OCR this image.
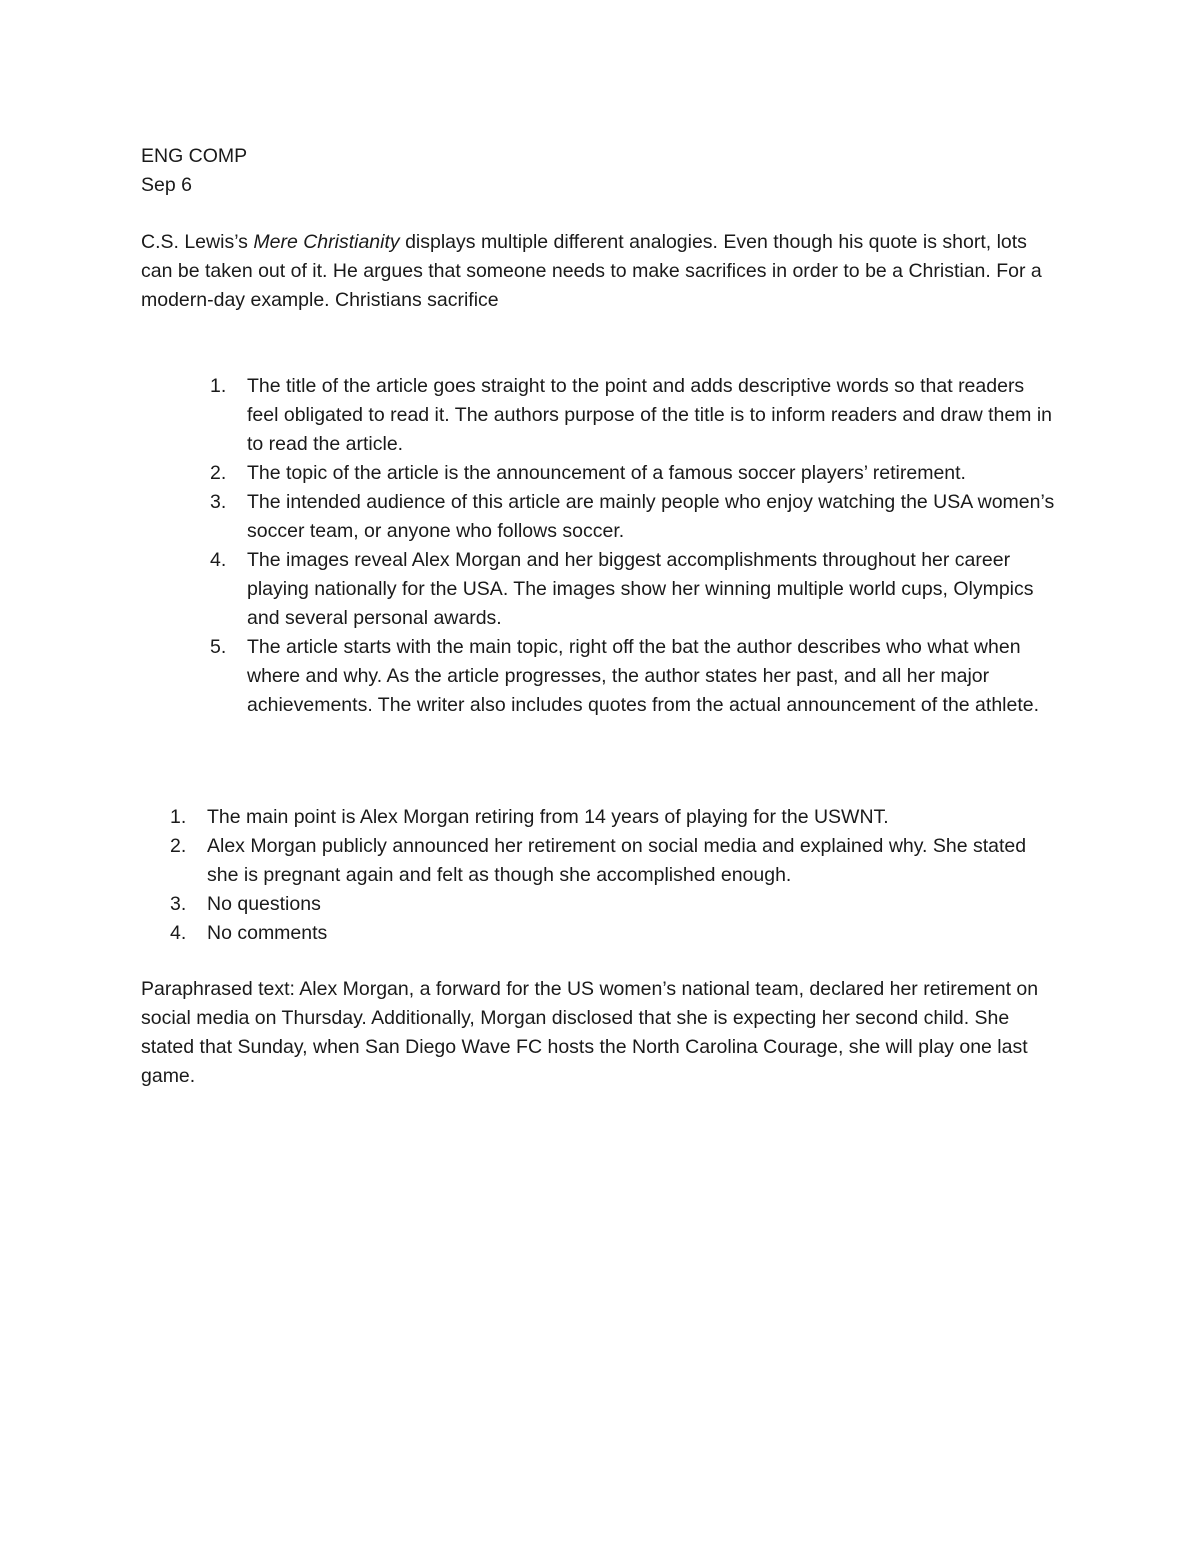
ENG COMP
Sep 6

C.S. Lewis’s Mere Christianity displays multiple different analogies. Even though his quote is short, lots can be taken out of it. He argues that someone needs to make sacrifices in order to be a Christian. For a modern-day example. Christians sacrifice

1.	The title of the article goes straight to the point and adds descriptive words so that readers feel obligated to read it. The authors purpose of the title is to inform readers and draw them in to read the article.
2.	The topic of the article is the announcement of a famous soccer players’ retirement.
3.	The intended audience of this article are mainly people who enjoy watching the USA women’s soccer team, or anyone who follows soccer.
4.	The images reveal Alex Morgan and her biggest accomplishments throughout her career playing nationally for the USA. The images show her winning multiple world cups, Olympics and several personal awards.
5.	The article starts with the main topic, right off the bat the author describes who what when where and why. As the article progresses, the author states her past, and all her major achievements. The writer also includes quotes from the actual announcement of the athlete.
1.	The main point is Alex Morgan retiring from 14 years of playing for the USWNT.
2.	Alex Morgan publicly announced her retirement on social media and explained why. She stated she is pregnant again and felt as though she accomplished enough.
3.	No questions
4.	No comments

Paraphrased text: Alex Morgan, a forward for the US women’s national team, declared her retirement on social media on Thursday. Additionally, Morgan disclosed that she is expecting her second child. She stated that Sunday, when San Diego Wave FC hosts the North Carolina Courage, she will play one last game.
